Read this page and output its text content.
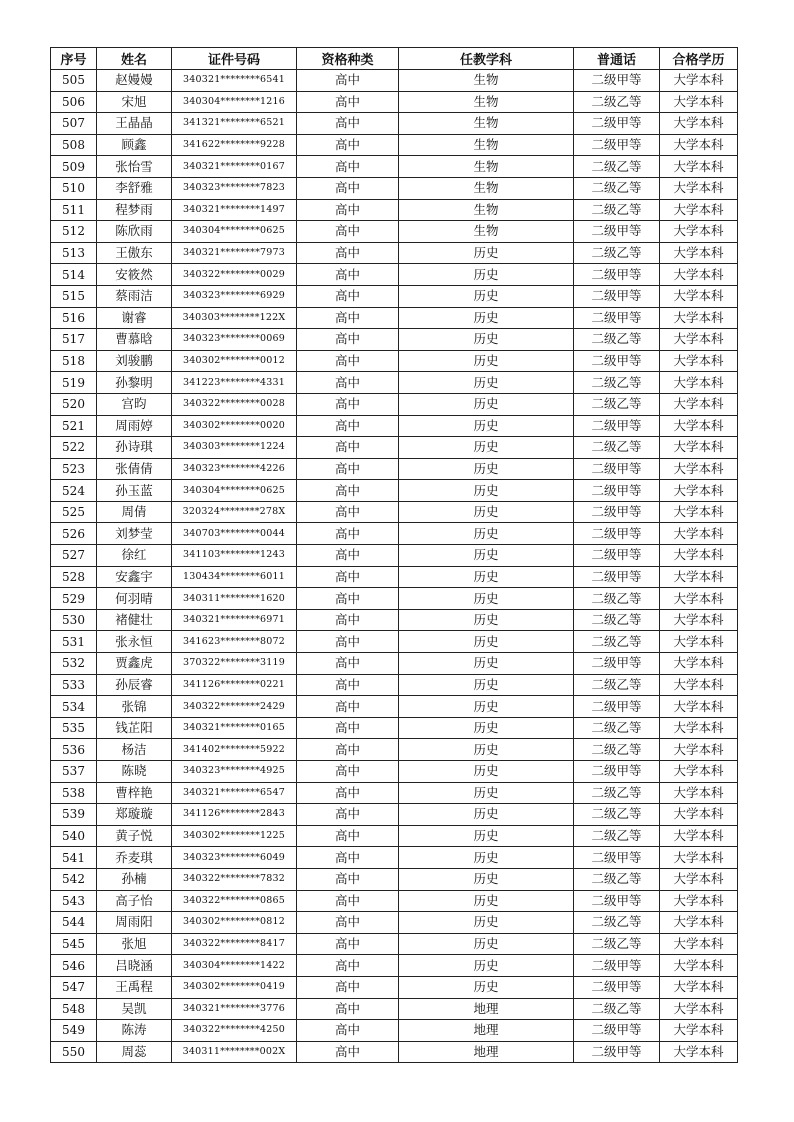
序号	姓名	证件号码	资格种类	任教学科	普通话	合格学历
505	赵嫚嫚	340321********6541	高中	生物	二级甲等	大学本科
506	宋旭	340304********1216	高中	生物	二级乙等	大学本科
507	王晶晶	341321********6521	高中	生物	二级甲等	大学本科
508	顾鑫	341622********9228	高中	生物	二级甲等	大学本科
509	张怡雪	340321********0167	高中	生物	二级乙等	大学本科
510	李舒雅	340323********7823	高中	生物	二级乙等	大学本科
511	程梦雨	340321********1497	高中	生物	二级乙等	大学本科
512	陈欣雨	340304********0625	高中	生物	二级甲等	大学本科
513	王傲东	340321********7973	高中	历史	二级乙等	大学本科
514	安筱然	340322********0029	高中	历史	二级甲等	大学本科
515	蔡雨洁	340323********6929	高中	历史	二级甲等	大学本科
516	谢睿	340303********122X	高中	历史	二级甲等	大学本科
517	曹慕晗	340323********0069	高中	历史	二级乙等	大学本科
518	刘骏鹏	340302********0012	高中	历史	二级甲等	大学本科
519	孙黎明	341223********4331	高中	历史	二级乙等	大学本科
520	宫昀	340322********0028	高中	历史	二级乙等	大学本科
521	周雨婷	340302********0020	高中	历史	二级甲等	大学本科
522	孙诗琪	340303********1224	高中	历史	二级乙等	大学本科
523	张倩倩	340323********4226	高中	历史	二级甲等	大学本科
524	孙玉蓝	340304********0625	高中	历史	二级甲等	大学本科
525	周倩	320324********278X	高中	历史	二级甲等	大学本科
526	刘梦莹	340703********0044	高中	历史	二级甲等	大学本科
527	徐红	341103********1243	高中	历史	二级甲等	大学本科
528	安鑫宇	130434********6011	高中	历史	二级甲等	大学本科
529	何羽晴	340311********1620	高中	历史	二级乙等	大学本科
530	褚健壮	340321********6971	高中	历史	二级乙等	大学本科
531	张永恒	341623********8072	高中	历史	二级乙等	大学本科
532	贾鑫虎	370322********3119	高中	历史	二级甲等	大学本科
533	孙辰睿	341126********0221	高中	历史	二级乙等	大学本科
534	张锦	340322********2429	高中	历史	二级甲等	大学本科
535	钱芷阳	340321********0165	高中	历史	二级乙等	大学本科
536	杨洁	341402********5922	高中	历史	二级乙等	大学本科
537	陈晓	340323********4925	高中	历史	二级甲等	大学本科
538	曹梓艳	340321********6547	高中	历史	二级乙等	大学本科
539	郑璇璇	341126********2843	高中	历史	二级乙等	大学本科
540	黄子悦	340302********1225	高中	历史	二级乙等	大学本科
541	乔麦琪	340323********6049	高中	历史	二级甲等	大学本科
542	孙楠	340322********7832	高中	历史	二级乙等	大学本科
543	高子怡	340322********0865	高中	历史	二级甲等	大学本科
544	周雨阳	340302********0812	高中	历史	二级乙等	大学本科
545	张旭	340322********8417	高中	历史	二级乙等	大学本科
546	吕晓涵	340304********1422	高中	历史	二级甲等	大学本科
547	王禹程	340302********0419	高中	历史	二级甲等	大学本科
548	吴凯	340321********3776	高中	地理	二级乙等	大学本科
549	陈涛	340322********4250	高中	地理	二级甲等	大学本科
550	周蕊	340311********002X	高中	地理	二级甲等	大学本科
